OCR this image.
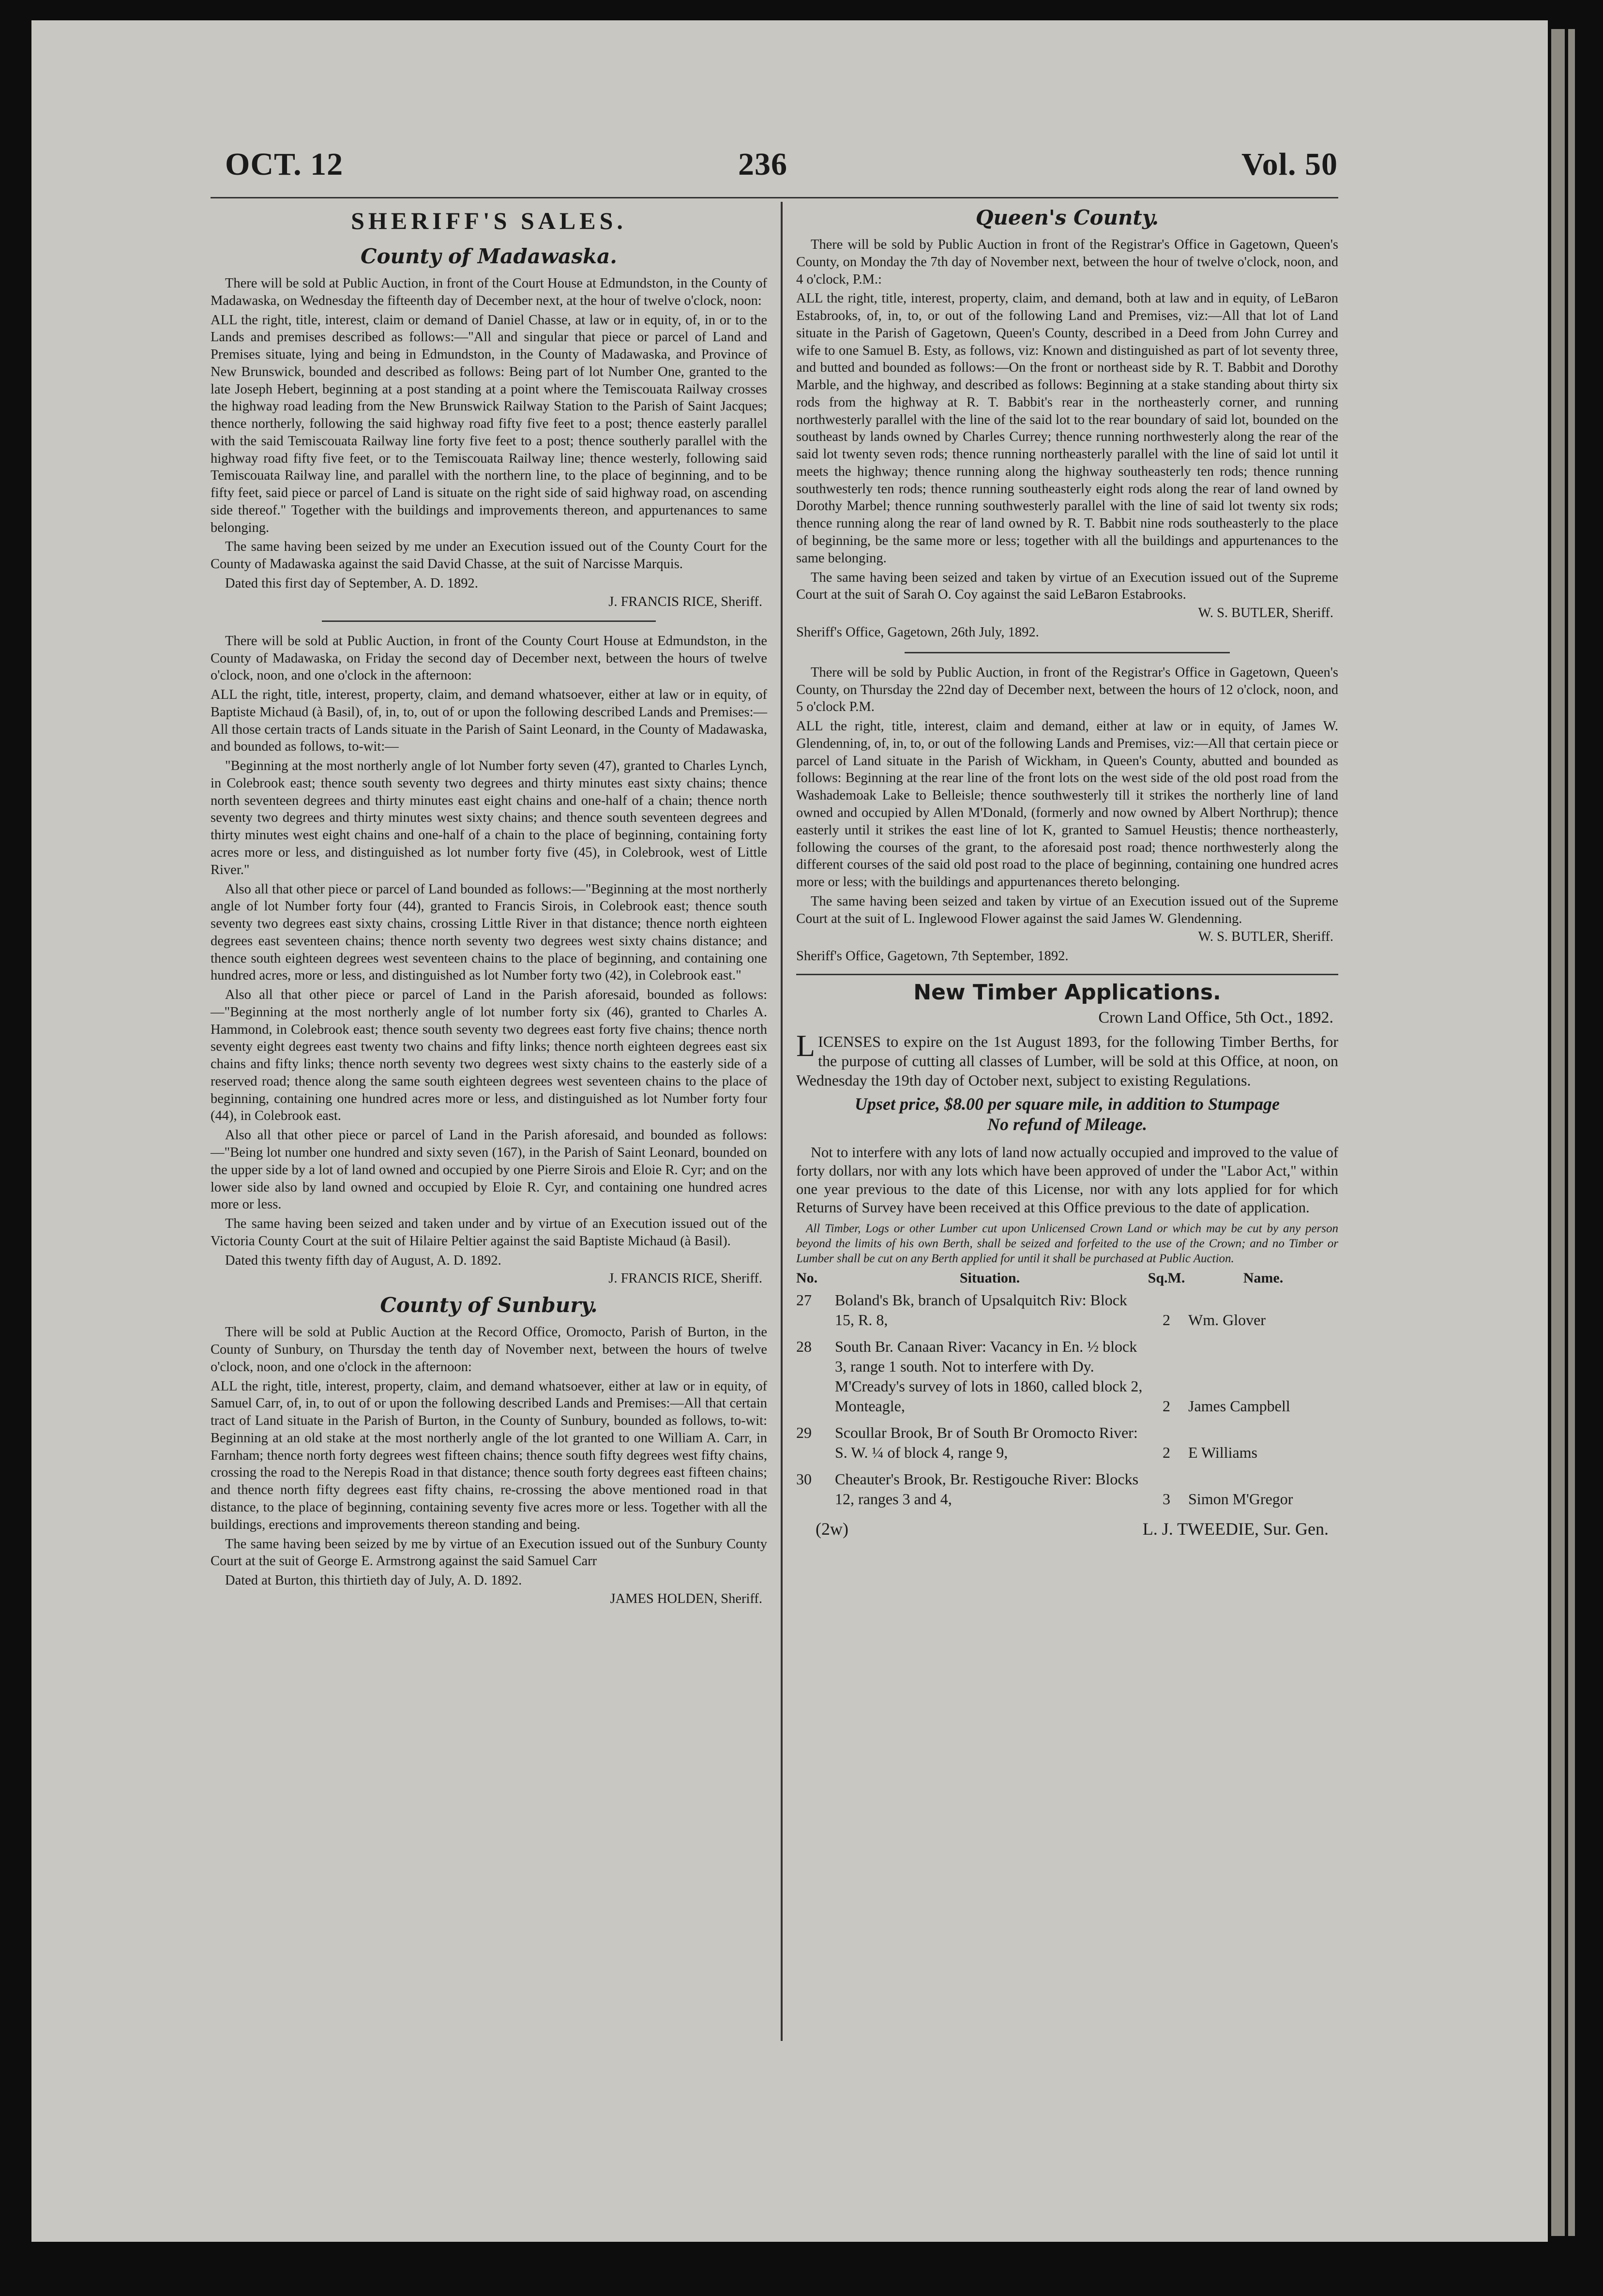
OCT. 12	236	Vol. 50
SHERIFF'S SALES.
County of Madawaska.

There will be sold at Public Auction, in front of the Court House at Edmundston, in the County of Madawaska, on Wednesday the fifteenth day of December next, at the hour of twelve o'clock, noon:

ALL the right, title, interest, claim or demand of Daniel Chasse, at law or in equity, of, in or to the Lands and premises described as follows:—"All and singular that piece or parcel of Land and Premises situate, lying and being in Edmundston, in the County of Madawaska, and Province of New Brunswick, bounded and described as follows: Being part of lot Number One, granted to the late Joseph Hebert, beginning at a post standing at a point where the Temiscouata Railway crosses the highway road leading from the New Brunswick Railway Station to the Parish of Saint Jacques; thence northerly, following the said highway road fifty five feet to a post; thence easterly parallel with the said Temiscouata Railway line forty five feet to a post; thence southerly parallel with the highway road fifty five feet, or to the Temiscouata Railway line; thence westerly, following said Temiscouata Railway line, and parallel with the northern line, to the place of beginning, and to be fifty feet, said piece or parcel of Land is situate on the right side of said highway road, on ascending side thereof." Together with the buildings and improvements thereon, and appurtenances to same belonging.

The same having been seized by me under an Execution issued out of the County Court for the County of Madawaska against the said David Chasse, at the suit of Narcisse Marquis.

Dated this first day of September, A. D. 1892.

J. FRANCIS RICE, Sheriff.

There will be sold at Public Auction, in front of the County Court House at Edmundston, in the County of Madawaska, on Friday the second day of December next, between the hours of twelve o'clock, noon, and one o'clock in the afternoon:

ALL the right, title, interest, property, claim, and demand whatsoever, either at law or in equity, of Baptiste Michaud (à Basil), of, in, to, out of or upon the following described Lands and Premises:—All those certain tracts of Lands situate in the Parish of Saint Leonard, in the County of Madawaska, and bounded as follows, to-wit:—

"Beginning at the most northerly angle of lot Number forty seven (47), granted to Charles Lynch, in Colebrook east; thence south seventy two degrees and thirty minutes east sixty chains; thence north seventeen degrees and thirty minutes east eight chains and one-half of a chain; thence north seventy two degrees and thirty minutes west sixty chains; and thence south seventeen degrees and thirty minutes west eight chains and one-half of a chain to the place of beginning, containing forty acres more or less, and distinguished as lot number forty five (45), in Colebrook, west of Little River."

Also all that other piece or parcel of Land bounded as follows:—"Beginning at the most northerly angle of lot Number forty four (44), granted to Francis Sirois, in Colebrook east; thence south seventy two degrees east sixty chains, crossing Little River in that distance; thence north eighteen degrees east seventeen chains; thence north seventy two degrees west sixty chains distance; and thence south eighteen degrees west seventeen chains to the place of beginning, and containing one hundred acres, more or less, and distinguished as lot Number forty two (42), in Colebrook east."

Also all that other piece or parcel of Land in the Parish aforesaid, bounded as follows:—"Beginning at the most northerly angle of lot number forty six (46), granted to Charles A. Hammond, in Colebrook east; thence south seventy two degrees east forty five chains; thence north seventy eight degrees east twenty two chains and fifty links; thence north eighteen degrees east six chains and fifty links; thence north seventy two degrees west sixty chains to the easterly side of a reserved road; thence along the same south eighteen degrees west seventeen chains to the place of beginning, containing one hundred acres more or less, and distinguished as lot Number forty four (44), in Colebrook east.

Also all that other piece or parcel of Land in the Parish aforesaid, and bounded as follows:—"Being lot number one hundred and sixty seven (167), in the Parish of Saint Leonard, bounded on the upper side by a lot of land owned and occupied by one Pierre Sirois and Eloie R. Cyr; and on the lower side also by land owned and occupied by Eloie R. Cyr, and containing one hundred acres more or less.

The same having been seized and taken under and by virtue of an Execution issued out of the Victoria County Court at the suit of Hilaire Peltier against the said Baptiste Michaud (à Basil).

Dated this twenty fifth day of August, A. D. 1892.

J. FRANCIS RICE, Sheriff.
County of Sunbury.

There will be sold at Public Auction at the Record Office, Oromocto, Parish of Burton, in the County of Sunbury, on Thursday the tenth day of November next, between the hours of twelve o'clock, noon, and one o'clock in the afternoon:

ALL the right, title, interest, property, claim, and demand whatsoever, either at law or in equity, of Samuel Carr, of, in, to out of or upon the following described Lands and Premises:—All that certain tract of Land situate in the Parish of Burton, in the County of Sunbury, bounded as follows, to-wit: Beginning at an old stake at the most northerly angle of the lot granted to one William A. Carr, in Farnham; thence north forty degrees west fifteen chains; thence south fifty degrees west fifty chains, crossing the road to the Nerepis Road in that distance; thence south forty degrees east fifteen chains; and thence north fifty degrees east fifty chains, re-crossing the above mentioned road in that distance, to the place of beginning, containing seventy five acres more or less. Together with all the buildings, erections and improvements thereon standing and being.

The same having been seized by me by virtue of an Execution issued out of the Sunbury County Court at the suit of George E. Armstrong against the said Samuel Carr

Dated at Burton, this thirtieth day of July, A. D. 1892.

JAMES HOLDEN, Sheriff.
Queen's County.

There will be sold by Public Auction in front of the Registrar's Office in Gagetown, Queen's County, on Monday the 7th day of November next, between the hour of twelve o'clock, noon, and 4 o'clock, P.M.:

ALL the right, title, interest, property, claim, and demand, both at law and in equity, of LeBaron Estabrooks, of, in, to, or out of the following Land and Premises, viz:—All that lot of Land situate in the Parish of Gagetown, Queen's County, described in a Deed from John Currey and wife to one Samuel B. Esty, as follows, viz: Known and distinguished as part of lot seventy three, and butted and bounded as follows:—On the front or northeast side by R. T. Babbit and Dorothy Marble, and the highway, and described as follows: Beginning at a stake standing about thirty six rods from the highway at R. T. Babbit's rear in the northeasterly corner, and running northwesterly parallel with the line of the said lot to the rear boundary of said lot, bounded on the southeast by lands owned by Charles Currey; thence running northwesterly along the rear of the said lot twenty seven rods; thence running northeasterly parallel with the line of said lot until it meets the highway; thence running along the highway southeasterly ten rods; thence running southwesterly ten rods; thence running southeasterly eight rods along the rear of land owned by Dorothy Marbel; thence running southwesterly parallel with the line of said lot twenty six rods; thence running along the rear of land owned by R. T. Babbit nine rods southeasterly to the place of beginning, be the same more or less; together with all the buildings and appurtenances to the same belonging.

The same having been seized and taken by virtue of an Execution issued out of the Supreme Court at the suit of Sarah O. Coy against the said LeBaron Estabrooks.

W. S. BUTLER, Sheriff.

Sheriff's Office, Gagetown, 26th July, 1892.

There will be sold by Public Auction, in front of the Registrar's Office in Gagetown, Queen's County, on Thursday the 22nd day of December next, between the hours of 12 o'clock, noon, and 5 o'clock P.M.

ALL the right, title, interest, claim and demand, either at law or in equity, of James W. Glendenning, of, in, to, or out of the following Lands and Premises, viz:—All that certain piece or parcel of Land situate in the Parish of Wickham, in Queen's County, abutted and bounded as follows: Beginning at the rear line of the front lots on the west side of the old post road from the Washademoak Lake to Belleisle; thence southwesterly till it strikes the northerly line of land owned and occupied by Allen M'Donald, (formerly and now owned by Albert Northrup); thence easterly until it strikes the east line of lot K, granted to Samuel Heustis; thence northeasterly, following the courses of the grant, to the aforesaid post road; thence northwesterly along the different courses of the said old post road to the place of beginning, containing one hundred acres more or less; with the buildings and appurtenances thereto belonging.

The same having been seized and taken by virtue of an Execution issued out of the Supreme Court at the suit of L. Inglewood Flower against the said James W. Glendenning.

W. S. BUTLER, Sheriff.

Sheriff's Office, Gagetown, 7th September, 1892.

New Timber Applications.
Crown Land Office, 5th Oct., 1892.
LICENSES to expire on the 1st August 1893, for the following Timber Berths, for the purpose of cutting all classes of Lumber, will be sold at this Office, at noon, on Wednesday the 19th day of October next, subject to existing Regulations.
Upset price, $8.00 per square mile, in addition to Stumpage
No refund of Mileage.

Not to interfere with any lots of land now actually occupied and improved to the value of forty dollars, nor with any lots which have been approved of under the "Labor Act," within one year previous to the date of this License, nor with any lots applied for for which Returns of Survey have been received at this Office previous to the date of application.

All Timber, Logs or other Lumber cut upon Unlicensed Crown Land or which may be cut by any person beyond the limits of his own Berth, shall be seized and forfeited to the use of the Crown; and no Timber or Lumber shall be cut on any Berth applied for until it shall be purchased at Public Auction.

No.	Situation.	Sq.M.	Name.
27	Boland's Bk, branch of Upsalquitch Riv: Block 15, R. 8,	2	Wm. Glover
28	South Br. Canaan River: Vacancy in En. ½ block 3, range 1 south. Not to interfere with Dy. M'Cready's survey of lots in 1860, called block 2, Monteagle,	2	James Campbell
29	Scoullar Brook, Br of South Br Oromocto River: S. W. ¼ of block 4, range 9,	2	E Williams
30	Cheauter's Brook, Br. Restigouche River: Blocks 12, ranges 3 and 4,	3	Simon M'Gregor
(2w)	L. J. TWEEDIE, Sur. Gen.
